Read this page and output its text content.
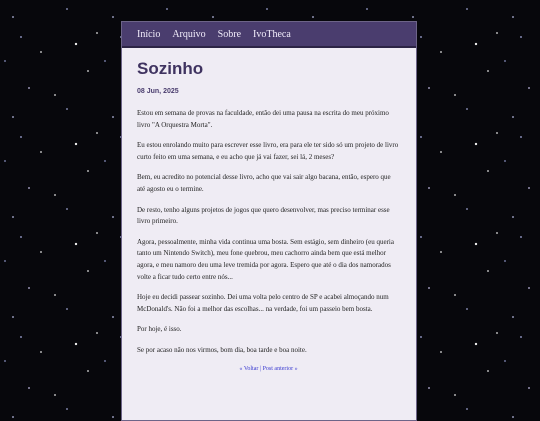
Início Arquivo Sobre IvoTheca
Sozinho
08 Jun, 2025

Estou em semana de provas na faculdade, então dei uma pausa na escrita do meu próximo livro "A Orquestra Morta".

Eu estou enrolando muito para escrever esse livro, era para ele ter sido só um projeto de livro curto feito em uma semana, e eu acho que já vai fazer, sei lá, 2 meses?

Bem, eu acredito no potencial desse livro, acho que vai sair algo bacana, então, espero que até agosto eu o termine.

De resto, tenho alguns projetos de jogos que quero desenvolver, mas preciso terminar esse livro primeiro.

Agora, pessoalmente, minha vida continua uma bosta. Sem estágio, sem dinheiro (eu queria tanto um Nintendo Switch), meu fone quebrou, meu cachorro ainda bem que está melhor agora, e meu namoro deu uma leve tremida por agora. Espero que até o dia dos namorados volte a ficar tudo certo entre nós...

Hoje eu decidi passear sozinho. Dei uma volta pelo centro de SP e acabei almoçando num McDonald's. Não foi a melhor das escolhas... na verdade, foi um passeio bem bosta.

Por hoje, é isso.

Se por acaso não nos virmos, bom dia, boa tarde e boa noite.

« Voltar | Post anterior »
